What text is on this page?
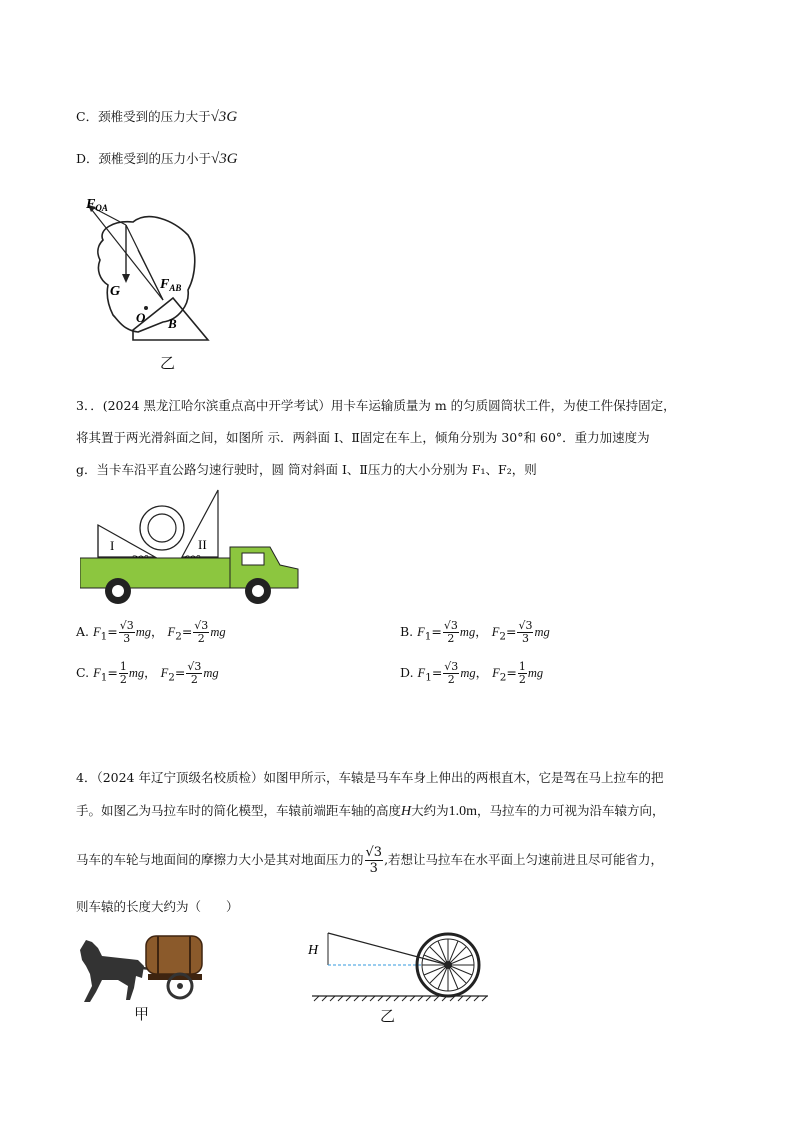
C．颈椎受到的压力大于√3G
D．颈椎受到的压力小于√3G
$F_{OA}$
$F_{AB}$
G
O B
乙
3．．(2024 黑龙江哈尔滨重点高中开学考试）用卡车运输质量为 m 的匀质圆筒状工件，为使工件保持固定，
将其置于两光滑斜面之间，如图所 示．两斜面 Ⅰ、Ⅱ固定在车上，倾角分别为 30°和 60°．重力加速度为
g．当卡车沿平直公路匀速行驶时，圆 筒对斜面 Ⅰ、Ⅱ压力的大小分别为 F₁、F₂，则
I	II
A. $F_1= \frac{√3}{3}$ mg， $F_2= \frac{√3}{2}$ mg	B. $F_1= \frac{√3}{2}$ mg， $F_2= \frac{√3}{3}$ mg
C. $F_1= \frac{1}{2}$ mg， $F_2= \frac{√3}{2}$ mg	D. $F_1= \frac{√3}{2}$ mg， $F_2= \frac{1}{2}$ mg
4．（2024 年辽宁顶级名校质检）如图甲所示，车辕是马车车身上伸出的两根直木，它是驾在马上拉车的把
手。如图乙为马拉车时的简化模型，车辕前端距车轴的高度H大约为1.0m，马拉车的力可视为沿车辕方向，
马车的车轮与地面间的摩擦力大小是其对地面压力的 $\frac{√3}{3}$ ,若想让马拉车在水平面上匀速前进且尽可能省力，
则车辕的长度大约为（　　）
甲
H
乙
